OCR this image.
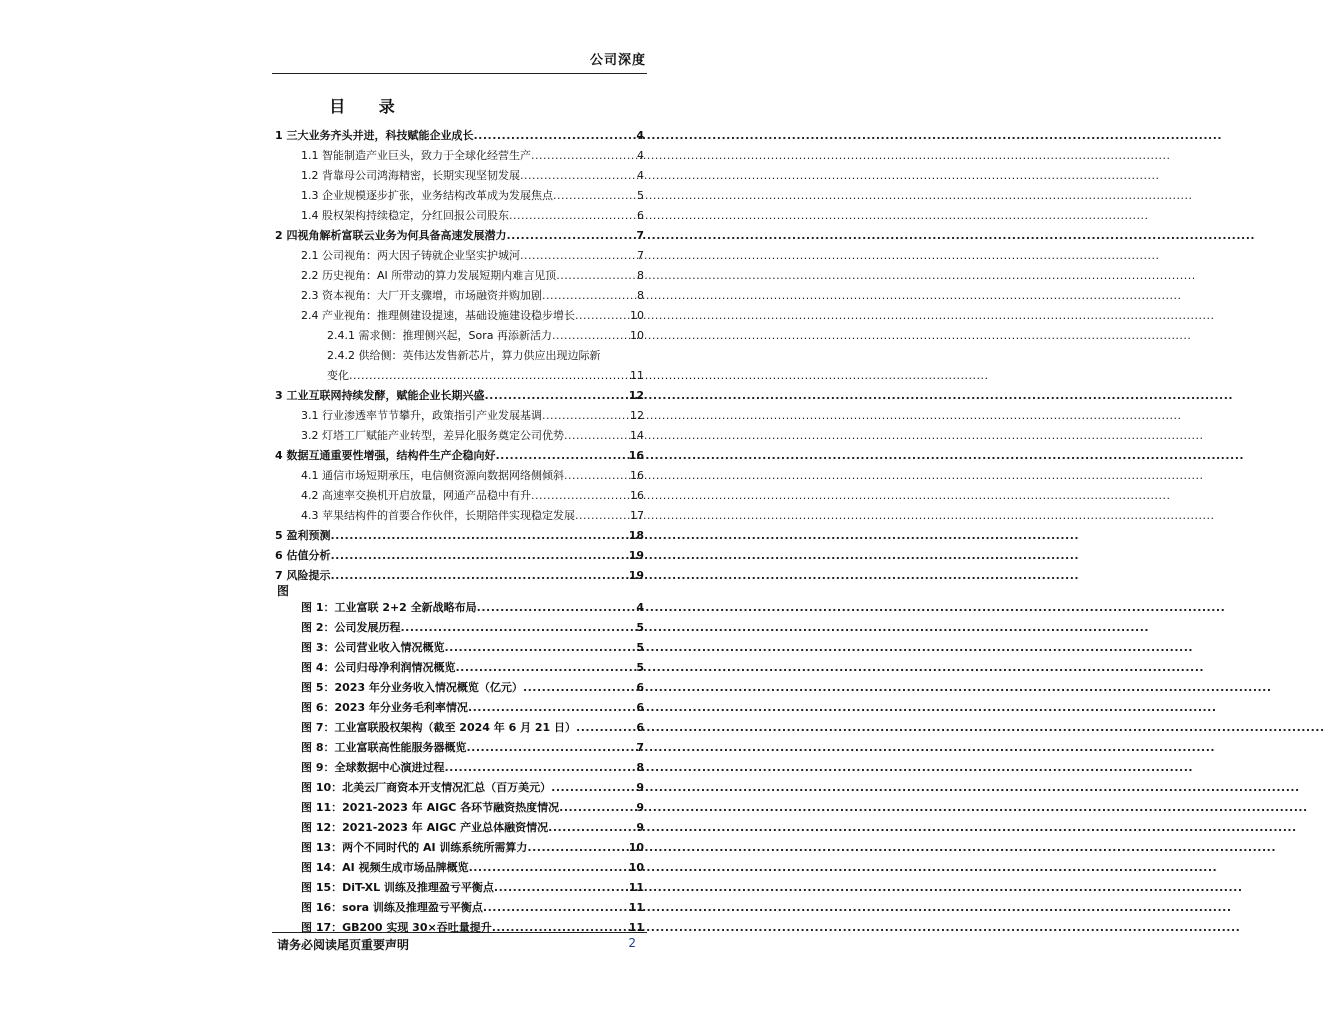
公司深度
目 录
1 三大业务齐头并进，科技赋能企业成长 .....	4
1.1 智能制造产业巨头，致力于全球化经营生产 .....	4
1.2 背靠母公司鸿海精密，长期实现坚韧发展 .....	4
1.3 企业规模逐步扩张，业务结构改革成为发展焦点 .....	5
1.4 股权架构持续稳定，分红回报公司股东 .....	6
2 四视角解析富联云业务为何具备高速发展潜力 .....	7
2.1 公司视角：两大因子铸就企业坚实护城河 .....	7
2.2 历史视角：AI 所带动的算力发展短期内难言见顶 .....	8
2.3 资本视角：大厂开支骤增，市场融资并购加剧 .....	8
2.4 产业视角：推理侧建设提速，基础设施建设稳步增长 .....	10
2.4.1 需求侧：推理侧兴起，Sora 再添新活力 .....	10
2.4.2 供给侧：英伟达发售新芯片，算力供应出现边际新
变化 .....	11
3 工业互联网持续发酵，赋能企业长期兴盛 .....	12
3.1 行业渗透率节节攀升，政策指引产业发展基调 .....	12
3.2 灯塔工厂赋能产业转型，差异化服务奠定公司优势 .....	14
4 数据互通重要性增强，结构件生产企稳向好 .....	16
4.1 通信市场短期承压，电信侧资源向数据网络侧倾斜 .....	16
4.2 高速率交换机开启放量，网通产品稳中有升 .....	16
4.3 苹果结构件的首要合作伙伴，长期陪伴实现稳定发展 .....	17
5 盈利预测 .....	18
6 估值分析 .....	19
7 风险提示 .....	19
图
图 1：工业富联 2+2 全新战略布局 .....	4
图 2：公司发展历程 .....	5
图 3：公司营业收入情况概览 .....	5
图 4：公司归母净利润情况概览 .....	5
图 5：2023 年分业务收入情况概览（亿元） .....	6
图 6：2023 年分业务毛利率情况 .....	6
图 7：工业富联股权架构（截至 2024 年 6 月 21 日） .....	6
图 8：工业富联高性能服务器概览 .....	7
图 9：全球数据中心演进过程 .....	8
图 10：北美云厂商资本开支情况汇总（百万美元） .....	9
图 11：2021-2023 年 AIGC 各环节融资热度情况 .....	9
图 12：2021-2023 年 AIGC 产业总体融资情况 .....	9
图 13：两个不同时代的 AI 训练系统所需算力 .....	10
图 14：AI 视频生成市场品牌概览 .....	10
图 15：DiT-XL 训练及推理盈亏平衡点 .....	11
图 16：sora 训练及推理盈亏平衡点 .....	11
图 17：GB200 实现 30×吞吐量提升 .....	11
请务必阅读尾页重要声明	2
